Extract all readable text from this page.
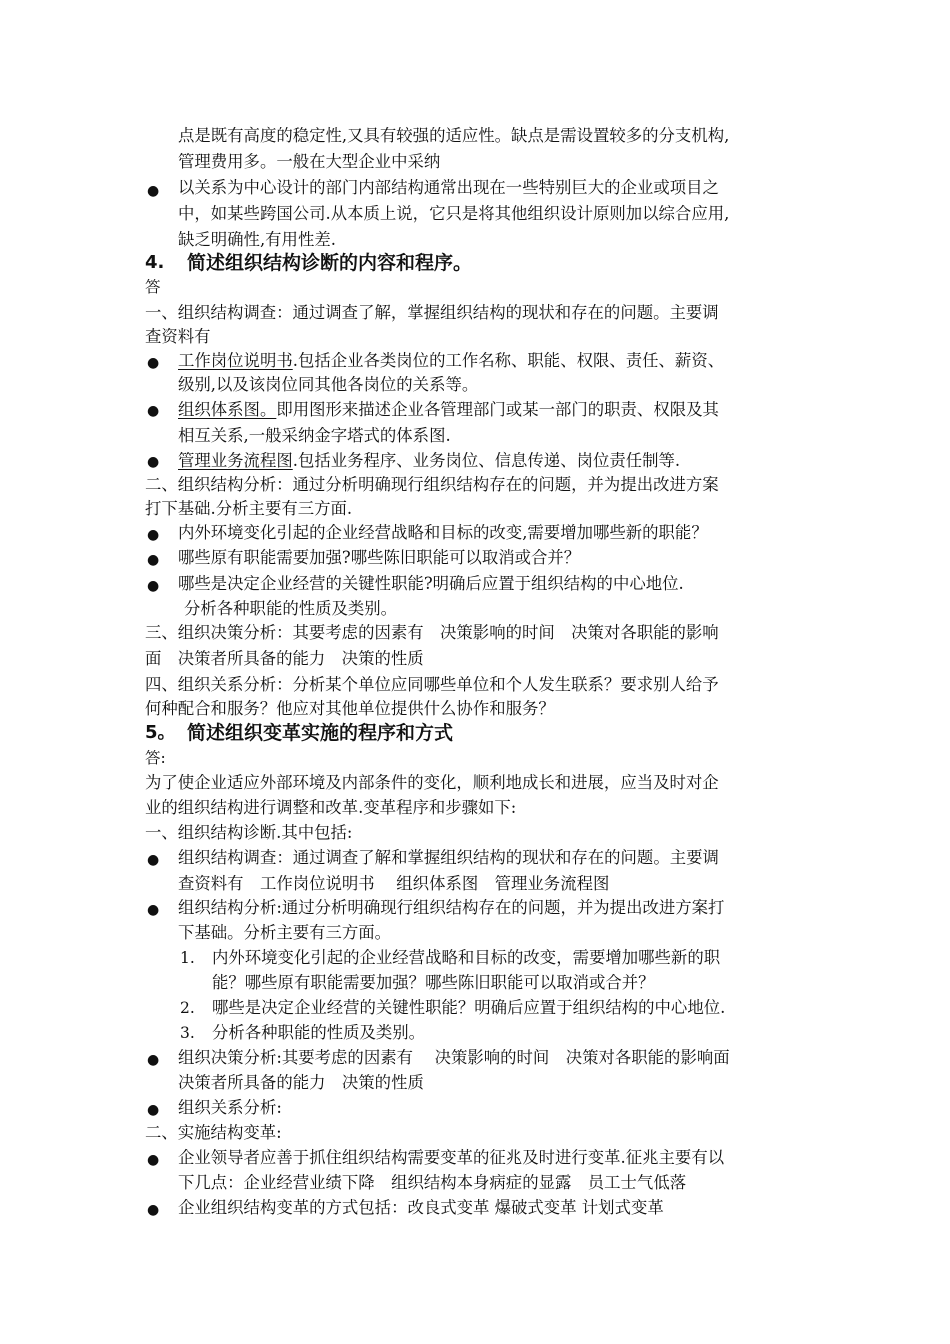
点是既有高度的稳定性,又具有较强的适应性。缺点是需设置较多的分支机构,
管理费用多。一般在大型企业中采纳
● 以关系为中心设计的部门内部结构通常出现在一些特别巨大的企业或项目之
中，如某些跨国公司.从本质上说，它只是将其他组织设计原则加以综合应用,
缺乏明确性,有用性差.
4. 简述组织结构诊断的内容和程序。
答
一、组织结构调查：通过调查了解，掌握组织结构的现状和存在的问题。主要调
查资料有
● 工作岗位说明书.包括企业各类岗位的工作名称、职能、权限、责任、薪资、
级别,以及该岗位同其他各岗位的关系等。
● 组织体系图。即用图形来描述企业各管理部门或某一部门的职责、权限及其
相互关系,一般采纳金字塔式的体系图.
● 管理业务流程图.包括业务程序、业务岗位、信息传递、岗位责任制等.
二、组织结构分析：通过分析明确现行组织结构存在的问题，并为提出改进方案
打下基础.分析主要有三方面.
● 内外环境变化引起的企业经营战略和目标的改变,需要增加哪些新的职能？
● 哪些原有职能需要加强?哪些陈旧职能可以取消或合并？
● 哪些是决定企业经营的关键性职能?明确后应置于组织结构的中心地位.
分析各种职能的性质及类别。
三、组织决策分析：其要考虑的因素有　决策影响的时间　决策对各职能的影响
面　决策者所具备的能力　决策的性质
四、组织关系分析：分析某个单位应同哪些单位和个人发生联系？要求别人给予
何种配合和服务？他应对其他单位提供什么协作和服务？
5。 简述组织变革实施的程序和方式
答:
为了使企业适应外部环境及内部条件的变化，顺利地成长和进展，应当及时对企
业的组织结构进行调整和改革.变革程序和步骤如下:
一、组织结构诊断.其中包括:
● 组织结构调查：通过调查了解和掌握组织结构的现状和存在的问题。主要调
查资料有　工作岗位说明书　 组织体系图　管理业务流程图
● 组织结构分析:通过分析明确现行组织结构存在的问题，并为提出改进方案打
下基础。分析主要有三方面。
1. 内外环境变化引起的企业经营战略和目标的改变，需要增加哪些新的职
能？哪些原有职能需要加强？哪些陈旧职能可以取消或合并？
2. 哪些是决定企业经营的关键性职能？明确后应置于组织结构的中心地位.
3. 分析各种职能的性质及类别。
● 组织决策分析:其要考虑的因素有　 决策影响的时间　决策对各职能的影响面
决策者所具备的能力　决策的性质
● 组织关系分析:
二、实施结构变革:
● 企业领导者应善于抓住组织结构需要变革的征兆及时进行变革.征兆主要有以
下几点：企业经营业绩下降　组织结构本身病症的显露　员工士气低落
● 企业组织结构变革的方式包括：改良式变革 爆破式变革 计划式变革
